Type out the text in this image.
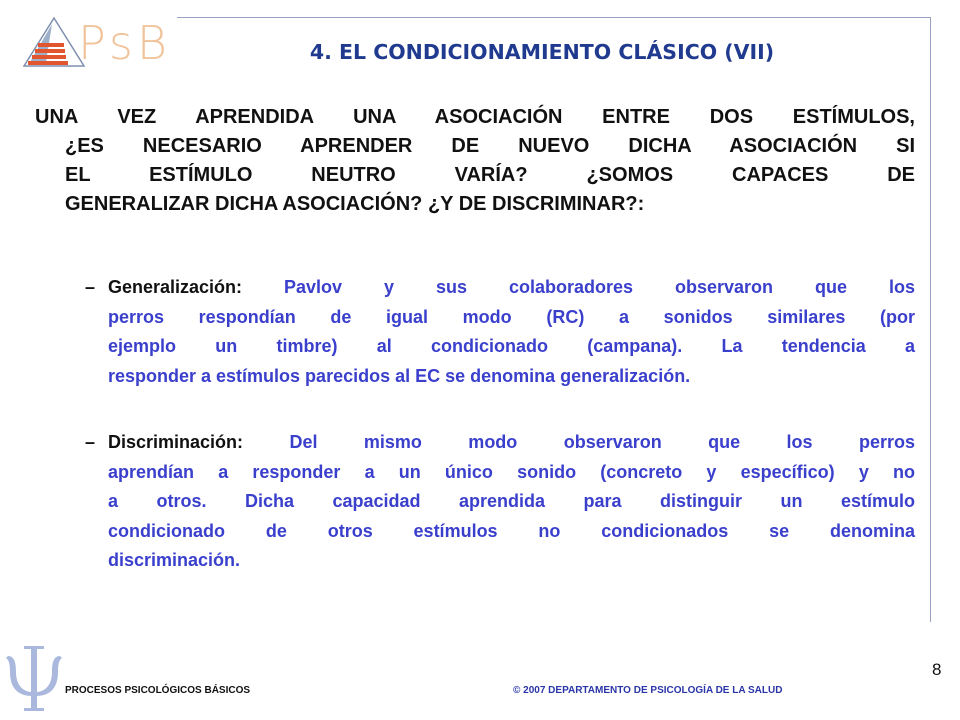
PsB	4. EL CONDICIONAMIENTO CLÁSICO (VII)
UNA VEZ APRENDIDA UNA ASOCIACIÓN ENTRE DOS ESTÍMULOS,
¿ES NECESARIO APRENDER DE NUEVO DICHA ASOCIACIÓN SI
EL ESTÍMULO NEUTRO VARÍA? ¿SOMOS CAPACES DE
GENERALIZAR DICHA ASOCIACIÓN? ¿Y DE DISCRIMINAR?:
– Generalización: Pavlov y sus colaboradores observaron que los
perros respondían de igual modo (RC) a sonidos similares (por
ejemplo un timbre) al condicionado (campana). La tendencia a
responder a estímulos parecidos al EC se denomina generalización.
– Discriminación:	Del mismo modo observaron que los perros
aprendían a responder a un único sonido (concreto y específico) y no
a otros. Dicha capacidad aprendida para distinguir un estímulo
condicionado de otros estímulos no condicionados se denomina
discriminación.
PROCESOS PSICOLÓGICOS BÁSICOS	© 2007 DEPARTAMENTO DE PSICOLOGÍA DE LA SALUD
8
